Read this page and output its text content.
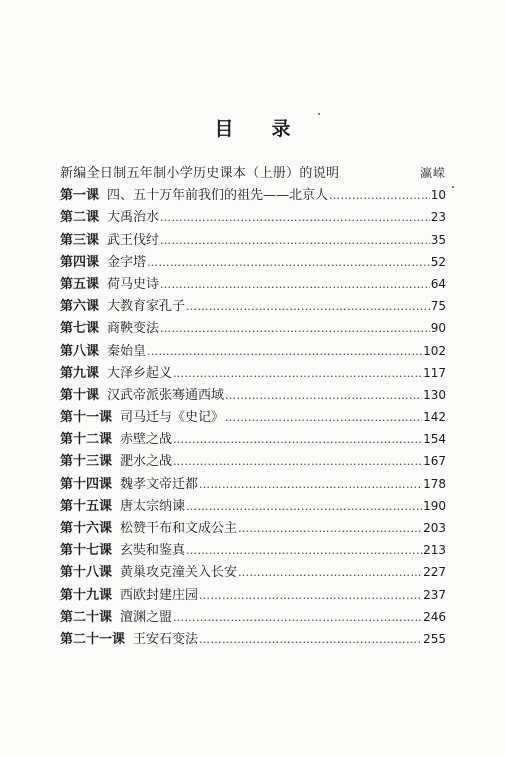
目 录
新编全日制五年制小学历史课本（上册）的说明	瀛嵘
第一课 四、五十万年前我们的祖先——北京人 …………………………………………………………………………………………………………………	10
第二课 大禹治水 …………………………………………………………………………………………………………………	23
第三课 武王伐纣 …………………………………………………………………………………………………………………	35
第四课 金字塔 …………………………………………………………………………………………………………………	52
第五课 荷马史诗 …………………………………………………………………………………………………………………	64
第六课 大教育家孔子 …………………………………………………………………………………………………………………	75
第七课 商鞅变法 …………………………………………………………………………………………………………………	90
第八课 秦始皇 …………………………………………………………………………………………………………………	102
第九课 大泽乡起义 …………………………………………………………………………………………………………………	117
第十课 汉武帝派张骞通西域 …………………………………………………………………………………………………………………	130
第十一课 司马迁与《史记》 …………………………………………………………………………………………………………………	142
第十二课 赤壁之战 …………………………………………………………………………………………………………………	154
第十三课 淝水之战 …………………………………………………………………………………………………………………	167
第十四课 魏孝文帝迁都 …………………………………………………………………………………………………………………	178
第十五课 唐太宗纳谏 …………………………………………………………………………………………………………………	190
第十六课 松赞干布和文成公主 …………………………………………………………………………………………………………………	203
第十七课 玄奘和鉴真 …………………………………………………………………………………………………………………	213
第十八课 黄巢攻克潼关入长安 …………………………………………………………………………………………………………………	227
第十九课 西欧封建庄园 …………………………………………………………………………………………………………………	237
第二十课 澶渊之盟 …………………………………………………………………………………………………………………	246
第二十一课 王安石变法 …………………………………………………………………………………………………………………	255
